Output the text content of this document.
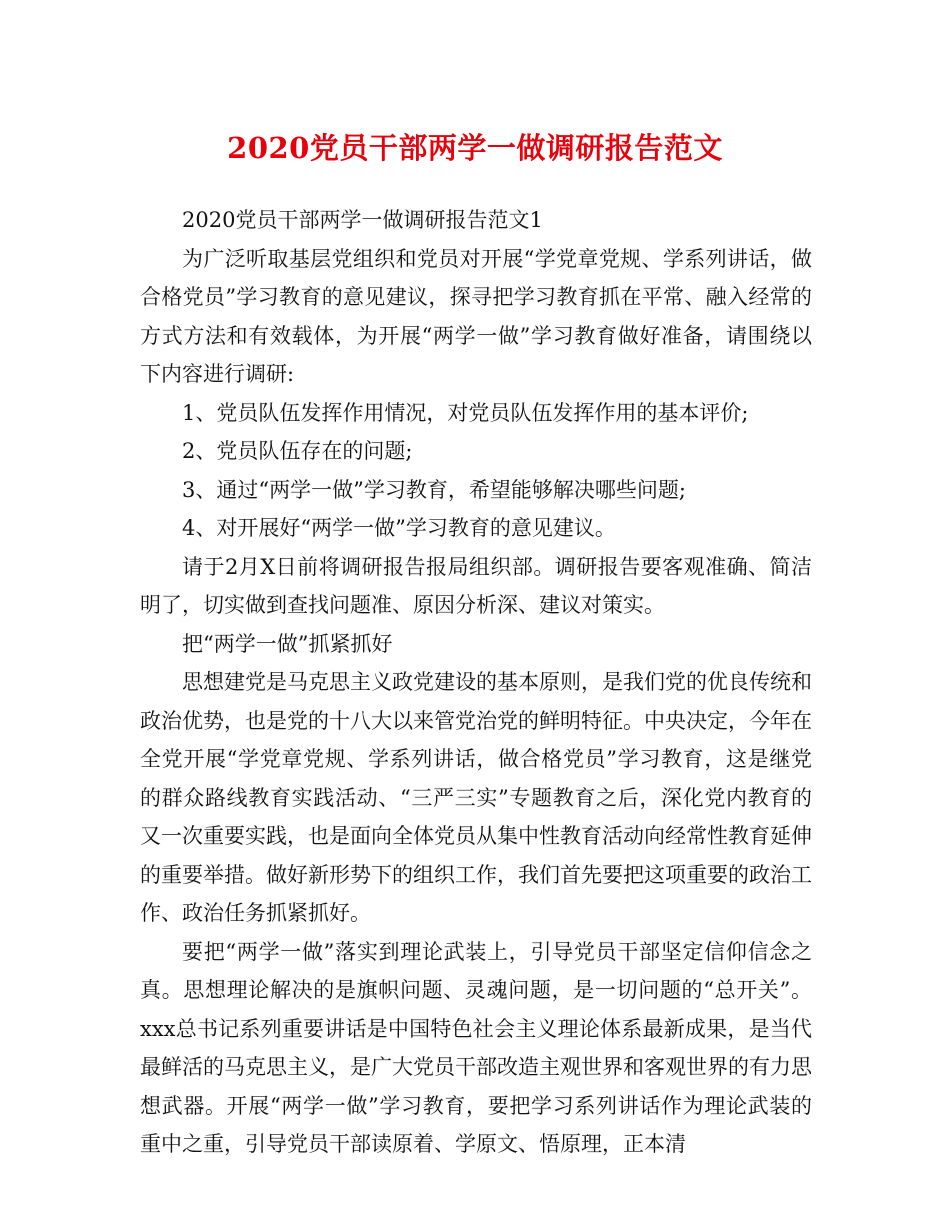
2020党员干部两学一做调研报告范文

2020党员干部两学一做调研报告范文1

为广泛听取基层党组织和党员对开展“学党章党规、学系列讲话，做合格党员”学习教育的意见建议，探寻把学习教育抓在平常、融入经常的方式方法和有效载体，为开展“两学一做”学习教育做好准备，请围绕以下内容进行调研:

1、党员队伍发挥作用情况，对党员队伍发挥作用的基本评价;

2、党员队伍存在的问题;

3、通过“两学一做”学习教育，希望能够解决哪些问题;

4、对开展好“两学一做”学习教育的意见建议。

请于2月X日前将调研报告报局组织部。调研报告要客观准确、简洁明了，切实做到查找问题准、原因分析深、建议对策实。

把“两学一做”抓紧抓好

思想建党是马克思主义政党建设的基本原则，是我们党的优良传统和政治优势，也是党的十八大以来管党治党的鲜明特征。中央决定，今年在全党开展“学党章党规、学系列讲话，做合格党员”学习教育，这是继党的群众路线教育实践活动、“三严三实”专题教育之后，深化党内教育的又一次重要实践，也是面向全体党员从集中性教育活动向经常性教育延伸的重要举措。做好新形势下的组织工作，我们首先要把这项重要的政治工作、政治任务抓紧抓好。

要把“两学一做”落实到理论武装上，引导党员干部坚定信仰信念之真。思想理论解决的是旗帜问题、灵魂问题，是一切问题的“总开关”。xxx总书记系列重要讲话是中国特色社会主义理论体系最新成果，是当代最鲜活的马克思主义，是广大党员干部改造主观世界和客观世界的有力思想武器。开展“两学一做”学习教育，要把学习系列讲话作为理论武装的重中之重，引导党员干部读原着、学原文、悟原理，正本清
